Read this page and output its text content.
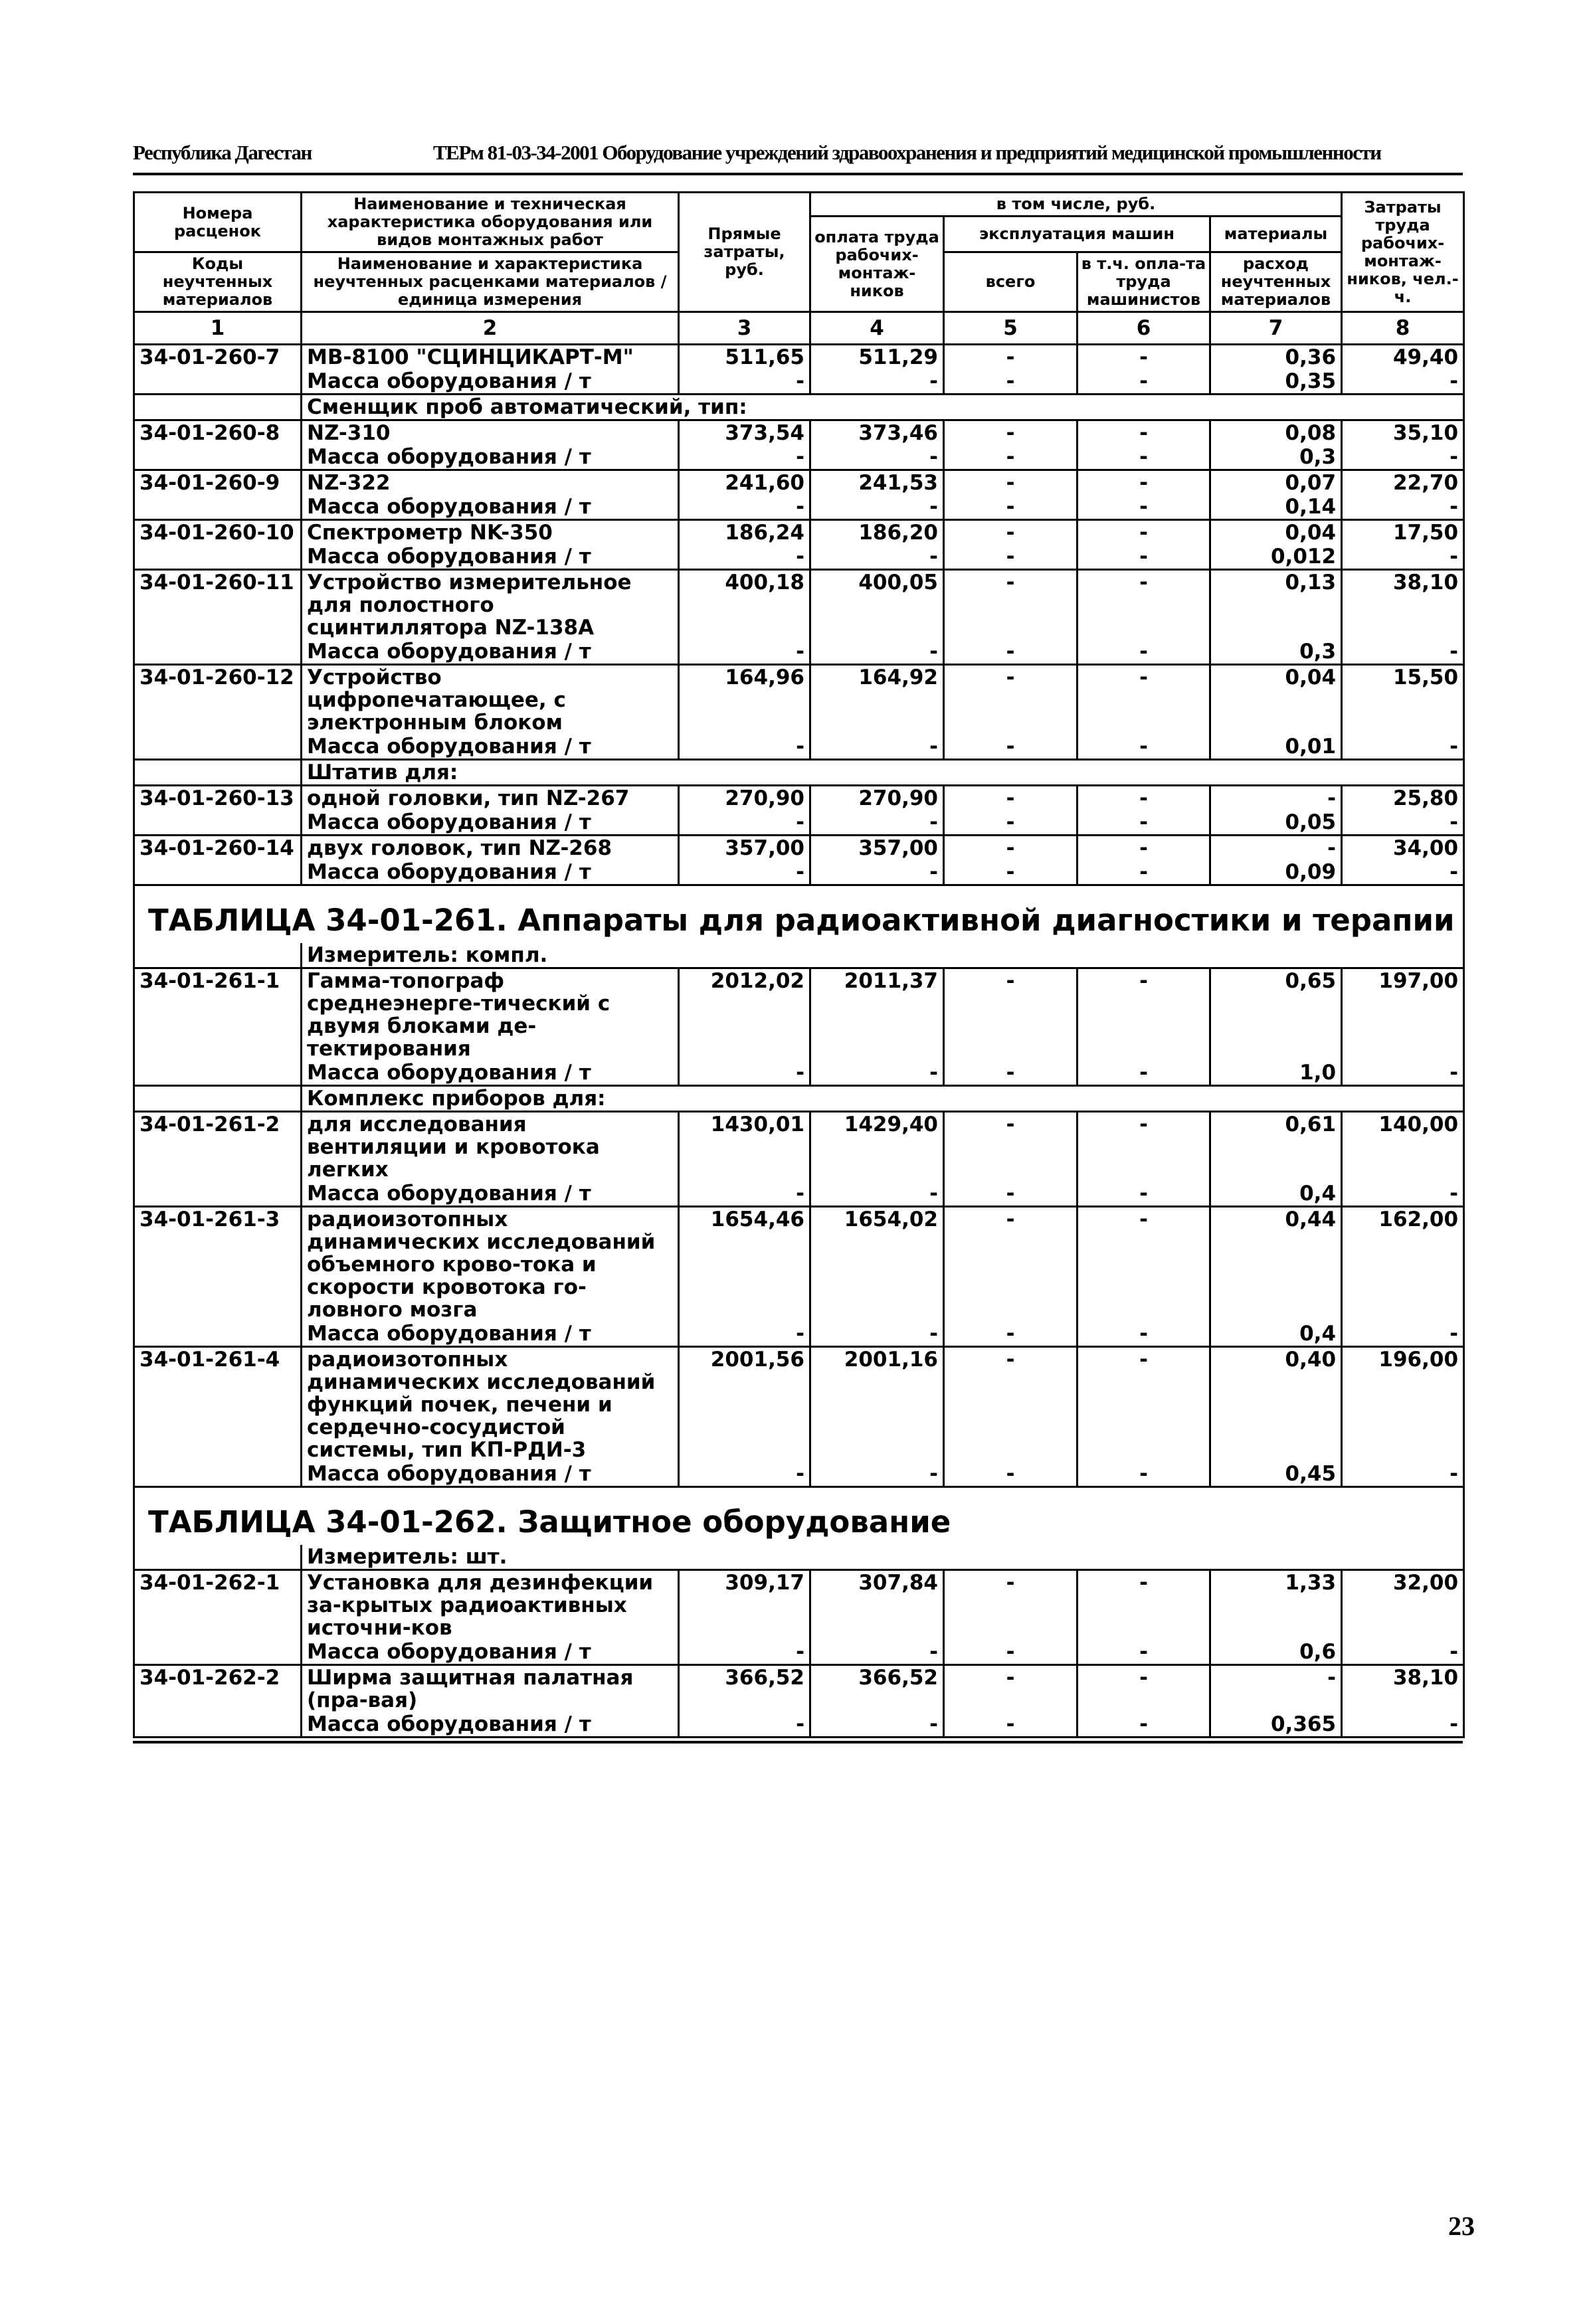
Республика Дагестан	ТЕРм 81-03-34-2001 Оборудование учреждений здравоохранения и предприятий медицинской промышленности
Номера расценок	Наименование и техническая характеристика оборудования или видов монтажных работ	Прямые затраты, руб.	в том числе, руб.				Затраты труда рабочих-монтаж-ников, чел.-ч.
			оплата труда рабочих-монтаж-ников	эксплуатация машин		материалы	
Коды неучтенных материалов	Наименование и характеристика неучтенных расценками материалов / единица измерения			всего	в т.ч. опла-та труда машинистов	расход неучтенных материалов	

1	2	3	4	5	6	7	8
34-01-260-7	МВ-8100 "СЦИНЦИКАРТ-М"	511,65	511,29	-	-	0,36	49,40
	Масса оборудования / т	-	-	-	-	0,35	-
	Сменщик проб автоматический, тип:						
34-01-260-8	NZ-310	373,54	373,46	-	-	0,08	35,10
	Масса оборудования / т	-	-	-	-	0,3	-
34-01-260-9	NZ-322	241,60	241,53	-	-	0,07	22,70
	Масса оборудования / т	-	-	-	-	0,14	-
34-01-260-10	Спектрометр NK-350	186,24	186,20	-	-	0,04	17,50
	Масса оборудования / т	-	-	-	-	0,012	-
34-01-260-11	Устройство измерительное для полостного сцинтиллятора NZ-138А	400,18	400,05	-	-	0,13	38,10
	Масса оборудования / т	-	-	-	-	0,3	-
34-01-260-12	Устройство цифропечатающее, с электронным блоком	164,96	164,92	-	-	0,04	15,50
	Масса оборудования / т	-	-	-	-	0,01	-
	Штатив для:						
34-01-260-13	одной головки, тип NZ-267	270,90	270,90	-	-	-	25,80
	Масса оборудования / т	-	-	-	-	0,05	-
34-01-260-14	двух головок, тип NZ-268	357,00	357,00	-	-	-	34,00
	Масса оборудования / т	-	-	-	-	0,09	-
ТАБЛИЦА 34-01-261. Аппараты для радиоактивной диагностики и терапии							
	Измеритель: компл.						
34-01-261-1	Гамма-топограф среднеэнерге-тический с двумя блоками де-тектирования	2012,02	2011,37	-	-	0,65	197,00
	Масса оборудования / т	-	-	-	-	1,0	-
	Комплекс приборов для:						
34-01-261-2	для исследования вентиляции и кровотока легких	1430,01	1429,40	-	-	0,61	140,00
	Масса оборудования / т	-	-	-	-	0,4	-
34-01-261-3	радиоизотопных динамических исследований объемного крово-тока и скорости кровотока го-ловного мозга	1654,46	1654,02	-	-	0,44	162,00
	Масса оборудования / т	-	-	-	-	0,4	-
34-01-261-4	радиоизотопных динамических исследований функций почек, печени и сердечно-сосудистой системы, тип КП-РДИ-3	2001,56	2001,16	-	-	0,40	196,00
	Масса оборудования / т	-	-	-	-	0,45	-
ТАБЛИЦА 34-01-262. Защитное оборудование							
	Измеритель: шт.						
34-01-262-1	Установка для дезинфекции за-крытых радиоактивных источни-ков	309,17	307,84	-	-	1,33	32,00
	Масса оборудования / т	-	-	-	-	0,6	-
34-01-262-2	Ширма защитная палатная (пра-вая)	366,52	366,52	-	-	-	38,10
	Масса оборудования / т	-	-	-	-	0,365	-
23
